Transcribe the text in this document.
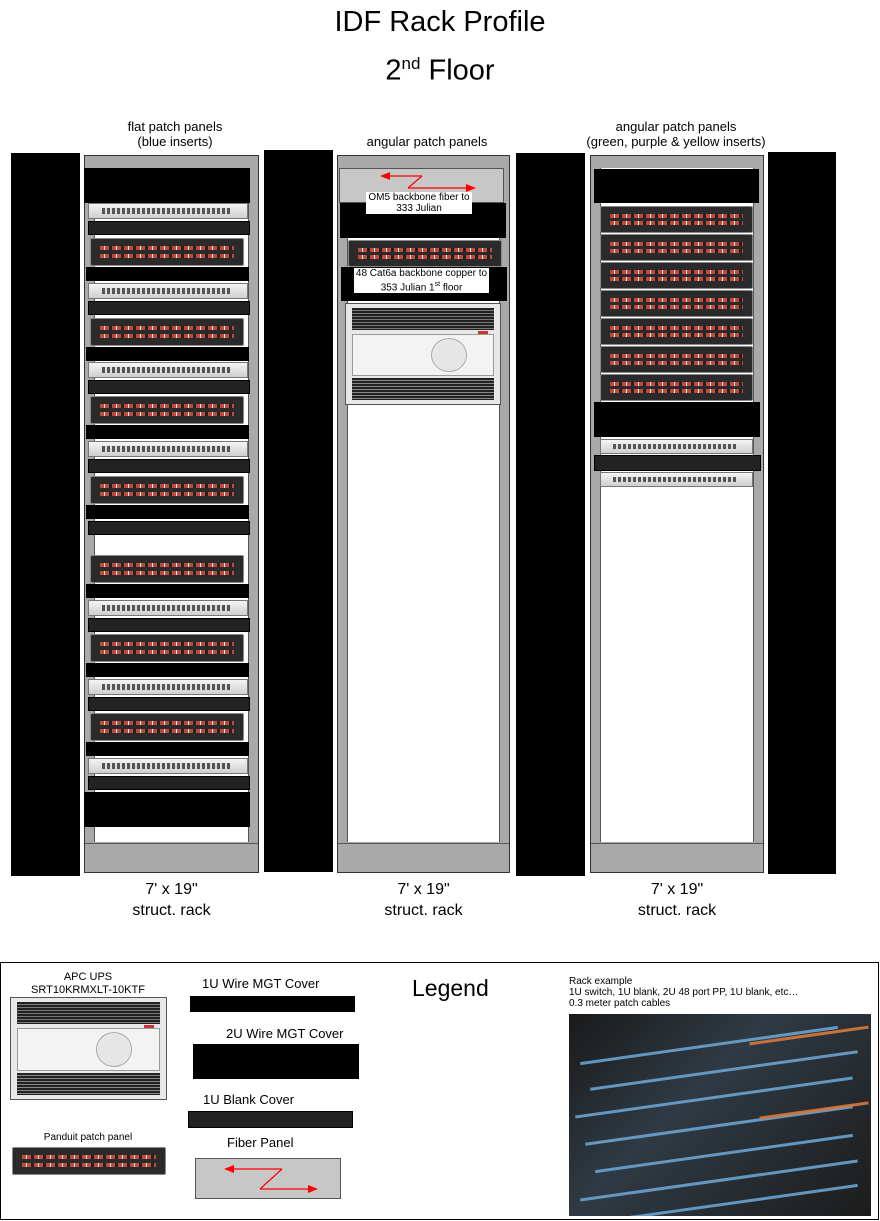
IDF Rack Profile
2nd Floor
flat patch panels
(blue inserts)	angular patch panels
angular patch panels
(green, purple & yellow inserts)
OM5 backbone fiber to
333 Julian
48 Cat6a backbone copper to
353 Julian 1st floor
7' x 19"
struct. rack
7' x 19"
struct. rack
7' x 19"
struct. rack
APC UPS
SRT10KRMXLT-10KTF
Panduit patch panel
1U Wire MGT Cover
2U Wire MGT Cover
1U Blank Cover
Fiber Panel
Legend	Rack example
1U switch, 1U blank, 2U 48 port PP, 1U blank, etc…
0.3 meter patch cables
